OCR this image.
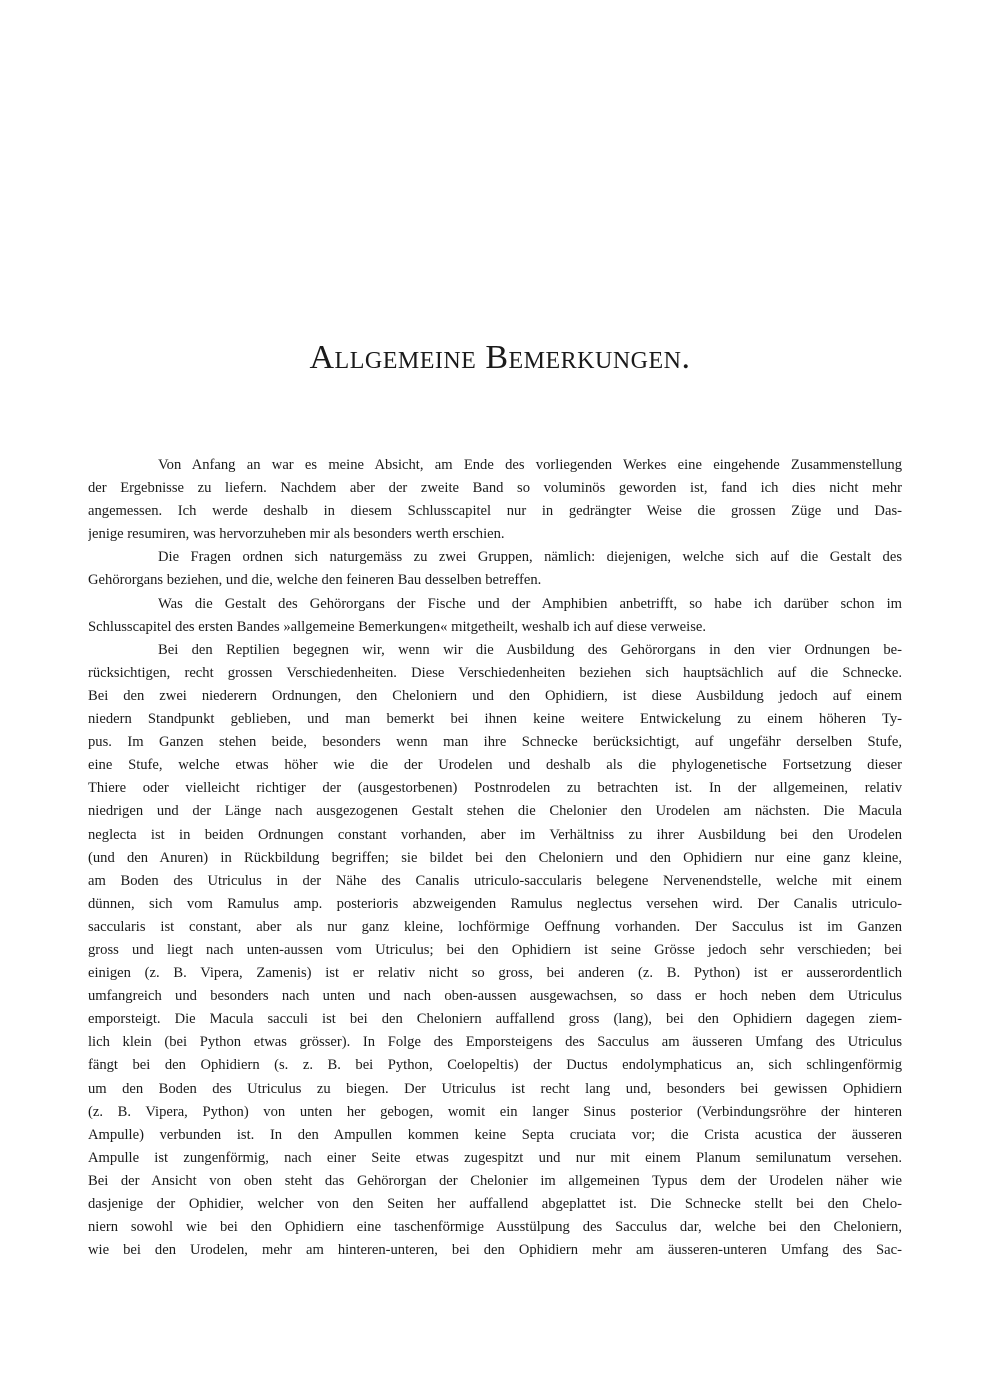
Allgemeine Bemerkungen.
Von Anfang an war es meine Absicht, am Ende des vorliegenden Werkes eine eingehende Zusammenstellung
der Ergebnisse zu liefern. Nachdem aber der zweite Band so voluminös geworden ist, fand ich dies nicht mehr
angemessen. Ich werde deshalb in diesem Schlusscapitel nur in gedrängter Weise die grossen Züge und Das-
jenige resumiren, was hervorzuheben mir als besonders werth erschien.
Die Fragen ordnen sich naturgemäss zu zwei Gruppen, nämlich: diejenigen, welche sich auf die Gestalt des
Gehörorgans beziehen, und die, welche den feineren Bau desselben betreffen.
Was die Gestalt des Gehörorgans der Fische und der Amphibien anbetrifft, so habe ich darüber schon im
Schlusscapitel des ersten Bandes »allgemeine Bemerkungen« mitgetheilt, weshalb ich auf diese verweise.
Bei den Reptilien begegnen wir, wenn wir die Ausbildung des Gehörorgans in den vier Ordnungen be-
rücksichtigen, recht grossen Verschiedenheiten. Diese Verschiedenheiten beziehen sich hauptsächlich auf die Schnecke.
Bei den zwei niederern Ordnungen, den Cheloniern und den Ophidiern, ist diese Ausbildung jedoch auf einem
niedern Standpunkt geblieben, und man bemerkt bei ihnen keine weitere Entwickelung zu einem höheren Ty-
pus. Im Ganzen stehen beide, besonders wenn man ihre Schnecke berücksichtigt, auf ungefähr derselben Stufe,
eine Stufe, welche etwas höher wie die der Urodelen und deshalb als die phylogenetische Fortsetzung dieser
Thiere oder vielleicht richtiger der (ausgestorbenen) Postnrodelen zu betrachten ist. In der allgemeinen, relativ
niedrigen und der Länge nach ausgezogenen Gestalt stehen die Chelonier den Urodelen am nächsten. Die Macula
neglecta ist in beiden Ordnungen constant vorhanden, aber im Verhältniss zu ihrer Ausbildung bei den Urodelen
(und den Anuren) in Rückbildung begriffen; sie bildet bei den Cheloniern und den Ophidiern nur eine ganz kleine,
am Boden des Utriculus in der Nähe des Canalis utriculo-saccularis belegene Nervenendstelle, welche mit einem
dünnen, sich vom Ramulus amp. posterioris abzweigenden Ramulus neglectus versehen wird. Der Canalis utriculo-
saccularis ist constant, aber als nur ganz kleine, lochförmige Oeffnung vorhanden. Der Sacculus ist im Ganzen
gross und liegt nach unten-aussen vom Utriculus; bei den Ophidiern ist seine Grösse jedoch sehr verschieden; bei
einigen (z. B. Vipera, Zamenis) ist er relativ nicht so gross, bei anderen (z. B. Python) ist er ausserordentlich
umfangreich und besonders nach unten und nach oben-aussen ausgewachsen, so dass er hoch neben dem Utriculus
emporsteigt. Die Macula sacculi ist bei den Cheloniern auffallend gross (lang), bei den Ophidiern dagegen ziem-
lich klein (bei Python etwas grösser). In Folge des Emporsteigens des Sacculus am äusseren Umfang des Utriculus
fängt bei den Ophidiern (s. z. B. bei Python, Coelopeltis) der Ductus endolymphaticus an, sich schlingenförmig
um den Boden des Utriculus zu biegen. Der Utriculus ist recht lang und, besonders bei gewissen Ophidiern
(z. B. Vipera, Python) von unten her gebogen, womit ein langer Sinus posterior (Verbindungsröhre der hinteren
Ampulle) verbunden ist. In den Ampullen kommen keine Septa cruciata vor; die Crista acustica der äusseren
Ampulle ist zungenförmig, nach einer Seite etwas zugespitzt und nur mit einem Planum semilunatum versehen.
Bei der Ansicht von oben steht das Gehörorgan der Chelonier im allgemeinen Typus dem der Urodelen näher wie
dasjenige der Ophidier, welcher von den Seiten her auffallend abgeplattet ist. Die Schnecke stellt bei den Chelo-
niern sowohl wie bei den Ophidiern eine taschenförmige Ausstülpung des Sacculus dar, welche bei den Cheloniern,
wie bei den Urodelen, mehr am hinteren-unteren, bei den Ophidiern mehr am äusseren-unteren Umfang des Sac-
